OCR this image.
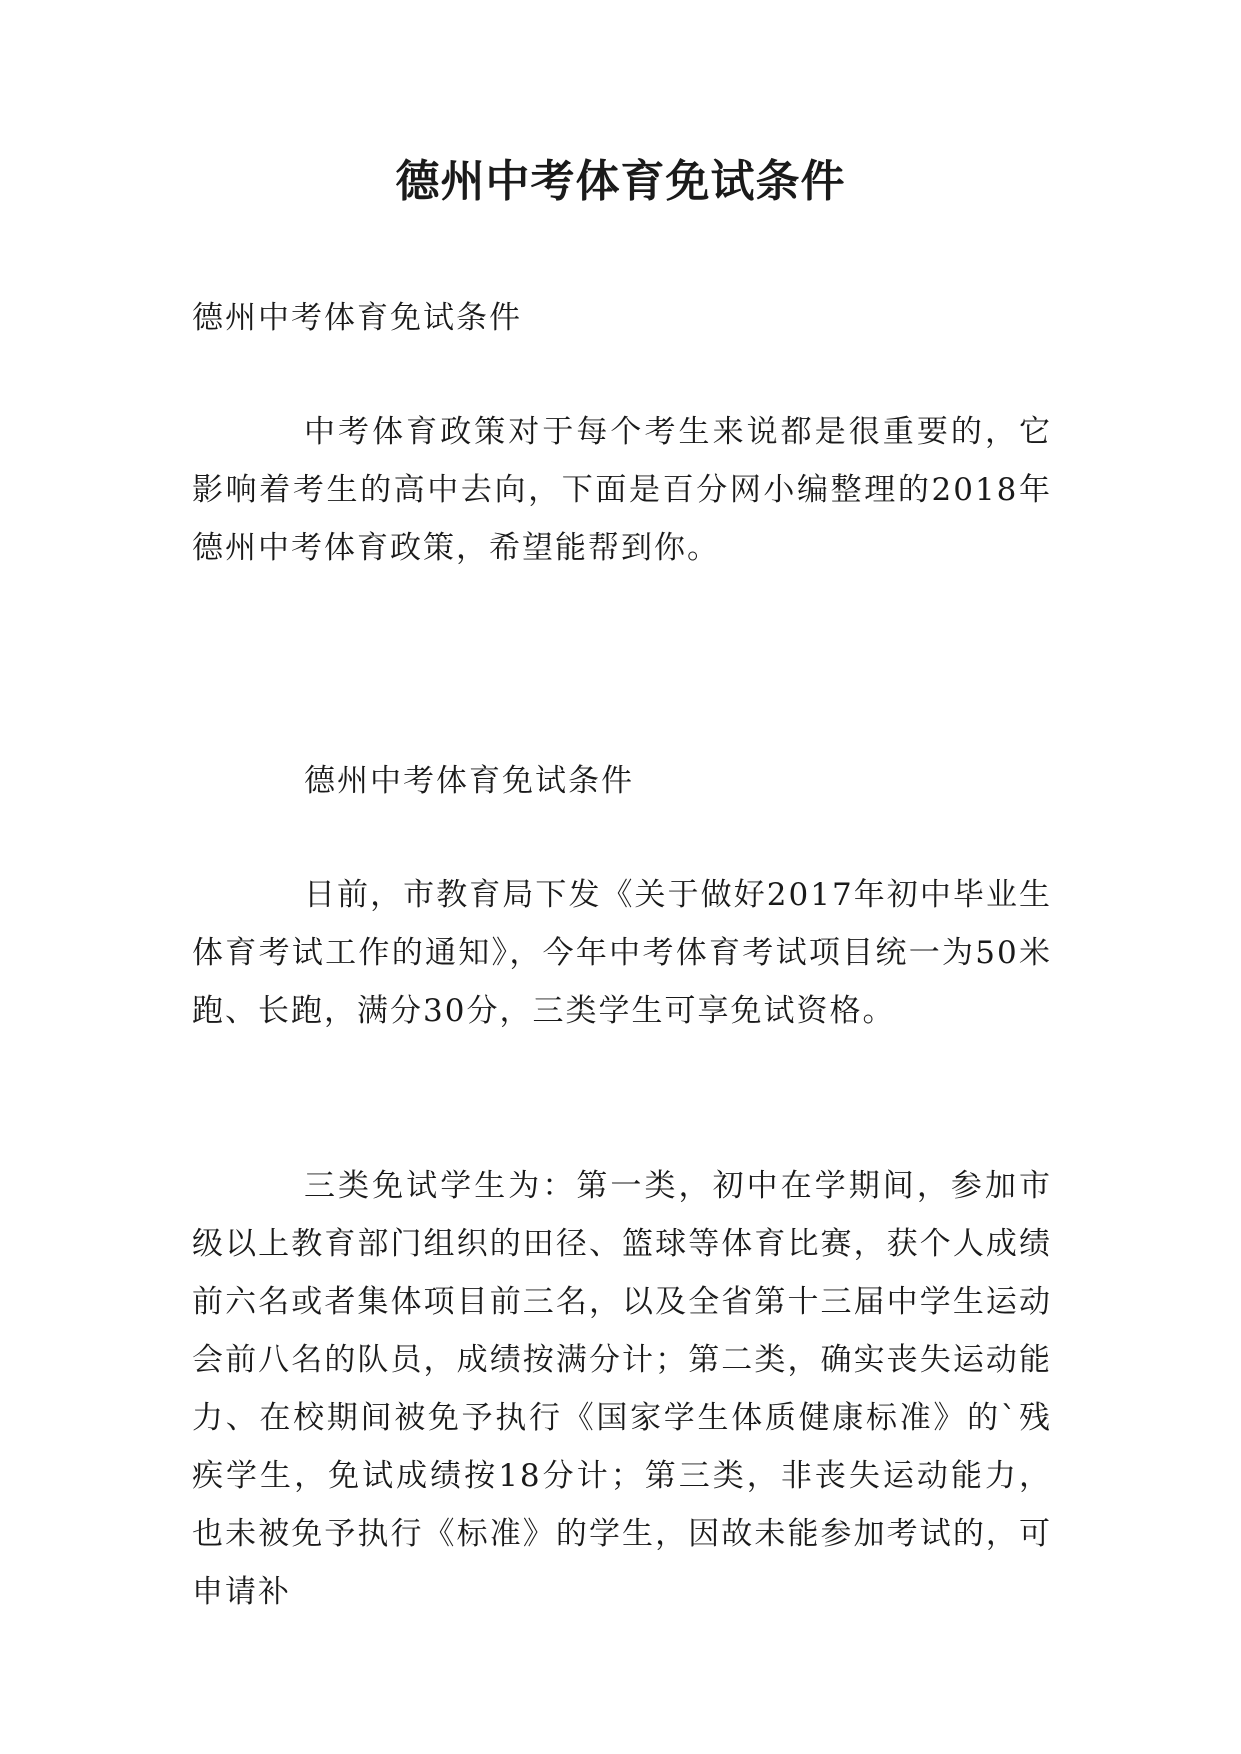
德州中考体育免试条件

德州中考体育免试条件

中考体育政策对于每个考生来说都是很重要的，它影响着考生的高中去向，下面是百分网小编整理的2018年德州中考体育政策，希望能帮到你。

德州中考体育免试条件

日前，市教育局下发《关于做好2017年初中毕业生体育考试工作的通知》，今年中考体育考试项目统一为50米跑、长跑，满分30分，三类学生可享免试资格。

三类免试学生为：第一类，初中在学期间，参加市级以上教育部门组织的田径、篮球等体育比赛，获个人成绩前六名或者集体项目前三名，以及全省第十三届中学生运动会前八名的队员，成绩按满分计；第二类，确实丧失运动能力、在校期间被免予执行《国家学生体质健康标准》的`残疾学生，免试成绩按18分计；第三类，非丧失运动能力，也未被免予执行《标准》的学生，因故未能参加考试的，可申请补
